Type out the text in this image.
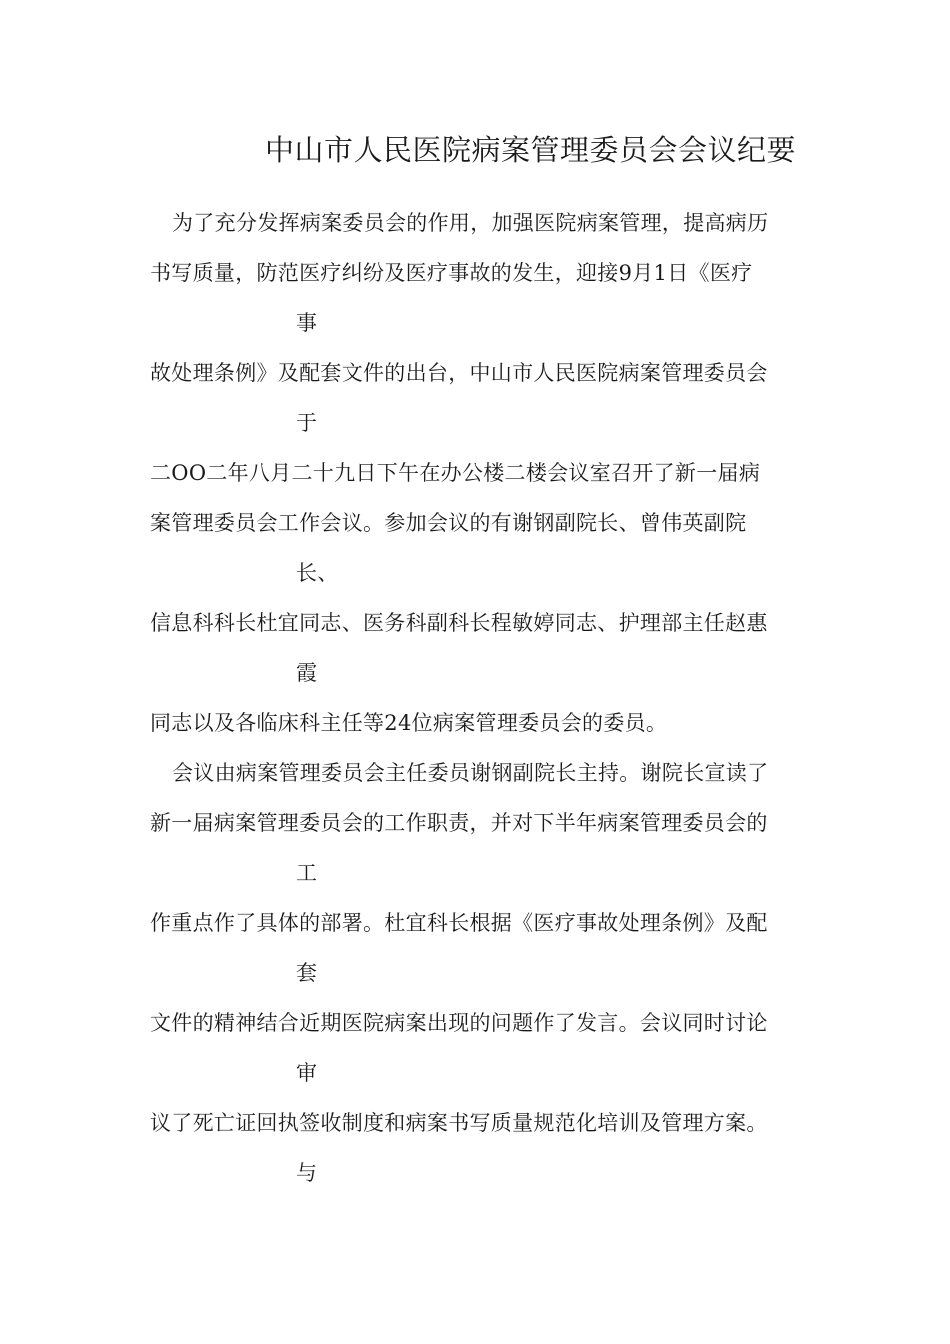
中山市人民医院病案管理委员会会议纪要
为了充分发挥病案委员会的作用，加强医院病案管理，提高病历
书写质量，防范医疗纠纷及医疗事故的发生，迎接9月1日《医疗
事
故处理条例》及配套文件的出台，中山市人民医院病案管理委员会
于
二OO二年八月二十九日下午在办公楼二楼会议室召开了新一届病
案管理委员会工作会议。参加会议的有谢钢副院长、曾伟英副院
长、
信息科科长杜宜同志、医务科副科长程敏婷同志、护理部主任赵惠
霞
同志以及各临床科主任等24位病案管理委员会的委员。
会议由病案管理委员会主任委员谢钢副院长主持。谢院长宣读了
新一届病案管理委员会的工作职责，并对下半年病案管理委员会的
工
作重点作了具体的部署。杜宜科长根据《医疗事故处理条例》及配
套
文件的精神结合近期医院病案出现的问题作了发言。会议同时讨论
审
议了死亡证回执签收制度和病案书写质量规范化培训及管理方案。
与
